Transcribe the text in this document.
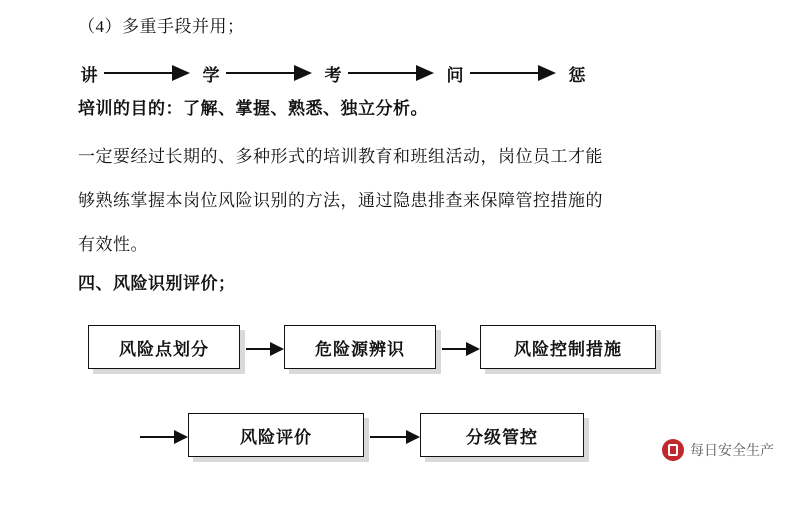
（4）多重手段并用；
讲	学	考	问	惩
培训的目的：了解、掌握、熟悉、独立分析。
一定要经过长期的、多种形式的培训教育和班组活动，岗位员工才能
够熟练掌握本岗位风险识别的方法，通过隐患排查来保障管控措施的
有效性。
四、风险识别评价；
风险点划分	危险源辨识	风险控制措施
风险评价	分级管控
每日安全生产
